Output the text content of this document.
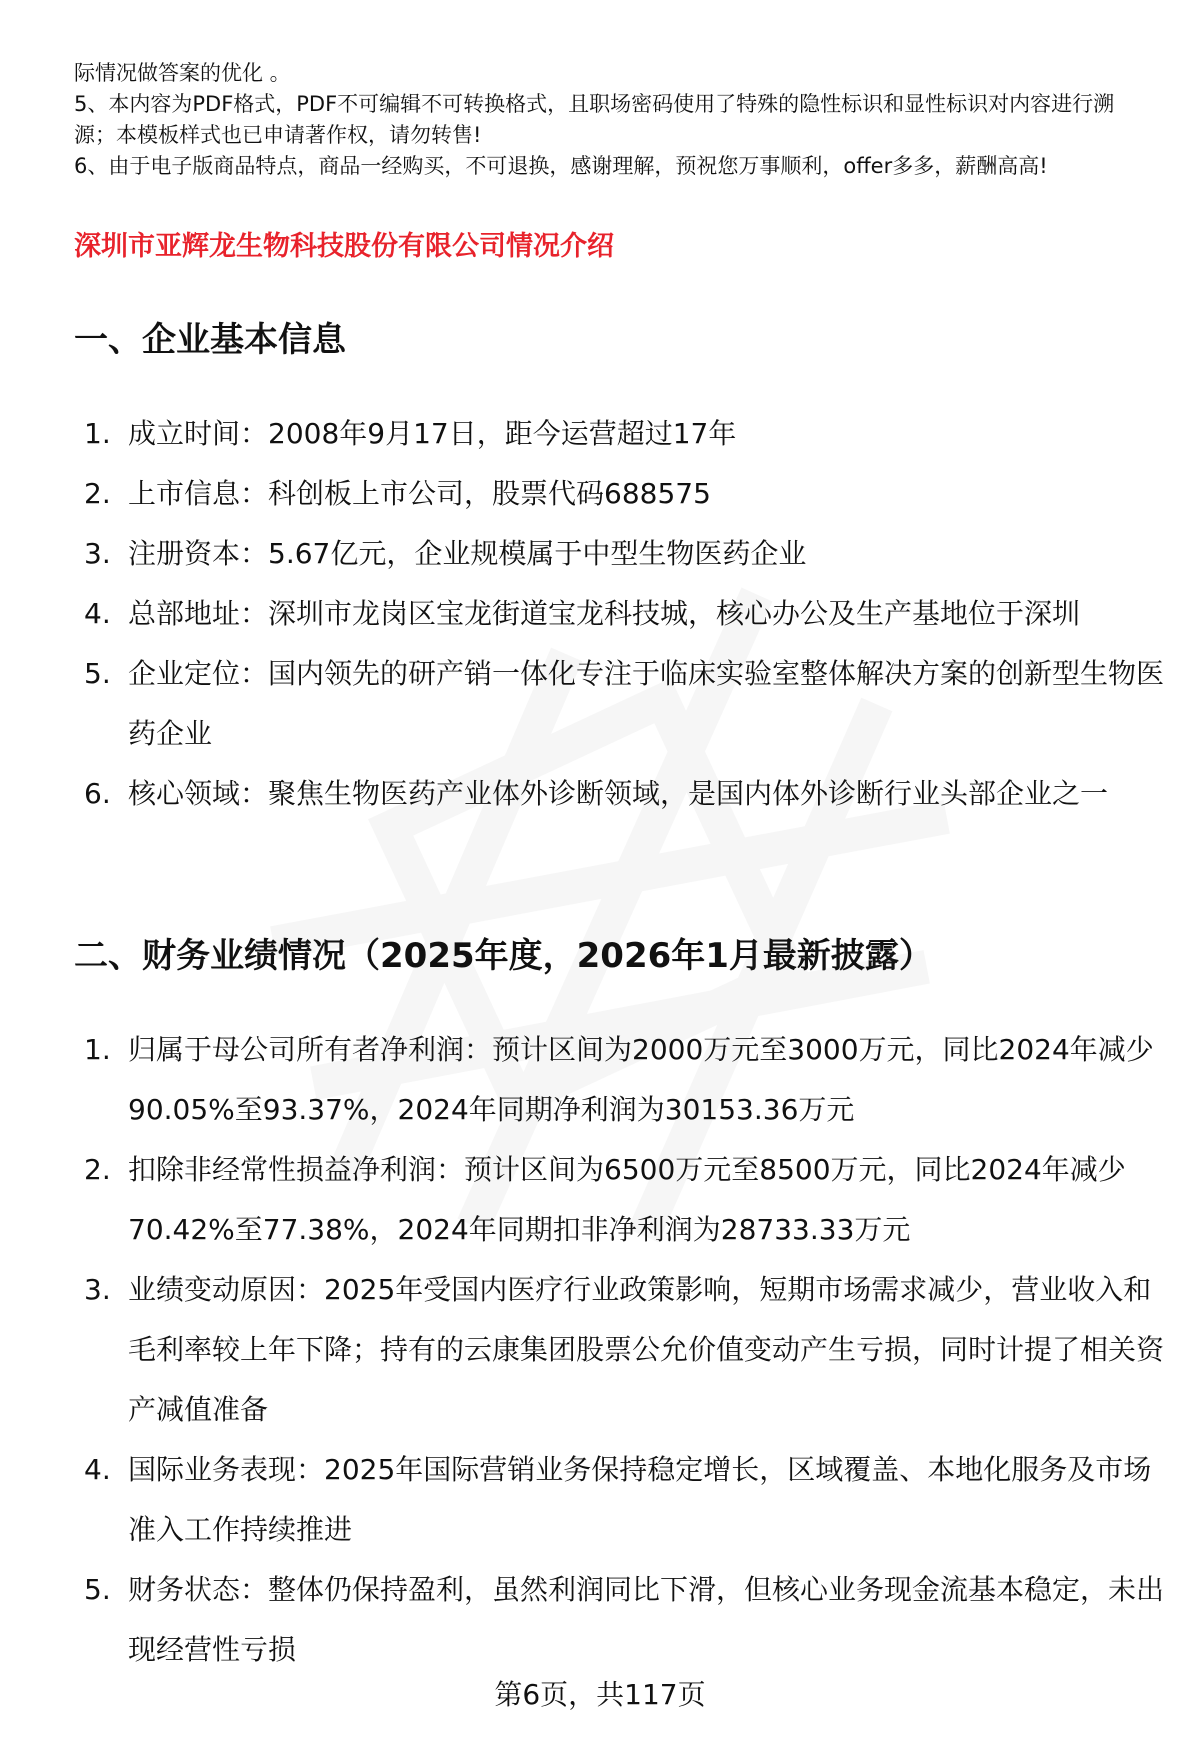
际情况做答案的优化 。

5、本内容为PDF格式，PDF不可编辑不可转换格式，且职场密码使用了特殊的隐性标识和显性标识对内容进行溯源；本模板样式也已申请著作权，请勿转售!

6、由于电子版商品特点，商品一经购买，不可退换，感谢理解，预祝您万事顺利，offer多多，薪酬高高!

深圳市亚辉龙生物科技股份有限公司情况介绍
一、企业基本信息
1. 成立时间：2008年9月17日，距今运营超过17年
2. 上市信息：科创板上市公司，股票代码688575
3. 注册资本：5.67亿元，企业规模属于中型生物医药企业
4. 总部地址：深圳市龙岗区宝龙街道宝龙科技城，核心办公及生产基地位于深圳
5. 企业定位：国内领先的研产销一体化专注于临床实验室整体解决方案的创新型生物医药企业
6. 核心领域：聚焦生物医药产业体外诊断领域，是国内体外诊断行业头部企业之一
二、财务业绩情况（2025年度，2026年1月最新披露）
1. 归属于母公司所有者净利润：预计区间为2000万元至3000万元，同比2024年减少90.05%至93.37%，2024年同期净利润为30153.36万元
2. 扣除非经常性损益净利润：预计区间为6500万元至8500万元，同比2024年减少70.42%至77.38%，2024年同期扣非净利润为28733.33万元
3. 业绩变动原因：2025年受国内医疗行业政策影响，短期市场需求减少，营业收入和毛利率较上年下降；持有的云康集团股票公允价值变动产生亏损，同时计提了相关资产减值准备
4. 国际业务表现：2025年国际营销业务保持稳定增长，区域覆盖、本地化服务及市场准入工作持续推进
5. 财务状态：整体仍保持盈利，虽然利润同比下滑，但核心业务现金流基本稳定，未出现经营性亏损
第6页，共117页
